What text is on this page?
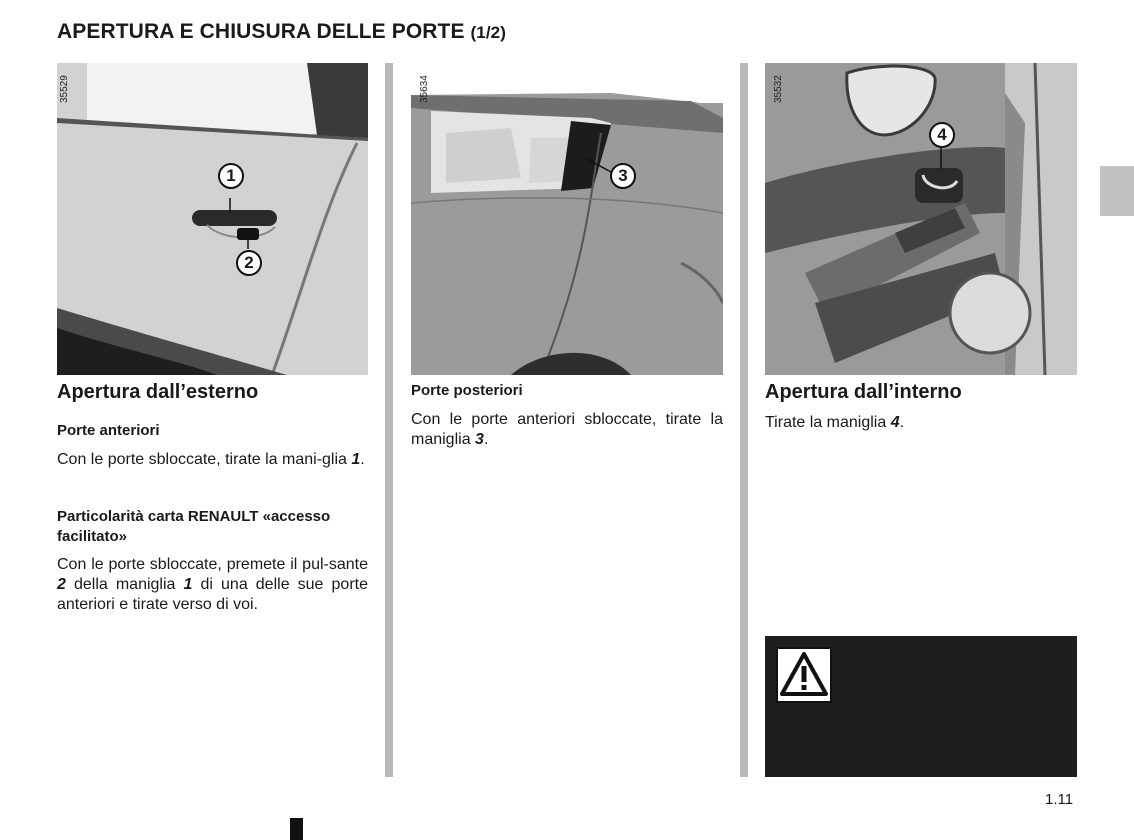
APERTURA E CHIUSURA DELLE PORTE (1/2)
35529
1
2
35634
3
35532
4
Apertura dall’esterno
Porte anteriori
Con le porte sbloccate, tirate la mani-glia 1.
Particolarità carta RENAULT «accesso facilitato»
Con le porte sbloccate, premete il pul-sante 2 della maniglia 1 di una delle sue porte anteriori e tirate verso di voi.
Porte posteriori
Con le porte anteriori sbloccate, tirate la maniglia 3.
Apertura dall’interno
Tirate la maniglia 4.
1.11
